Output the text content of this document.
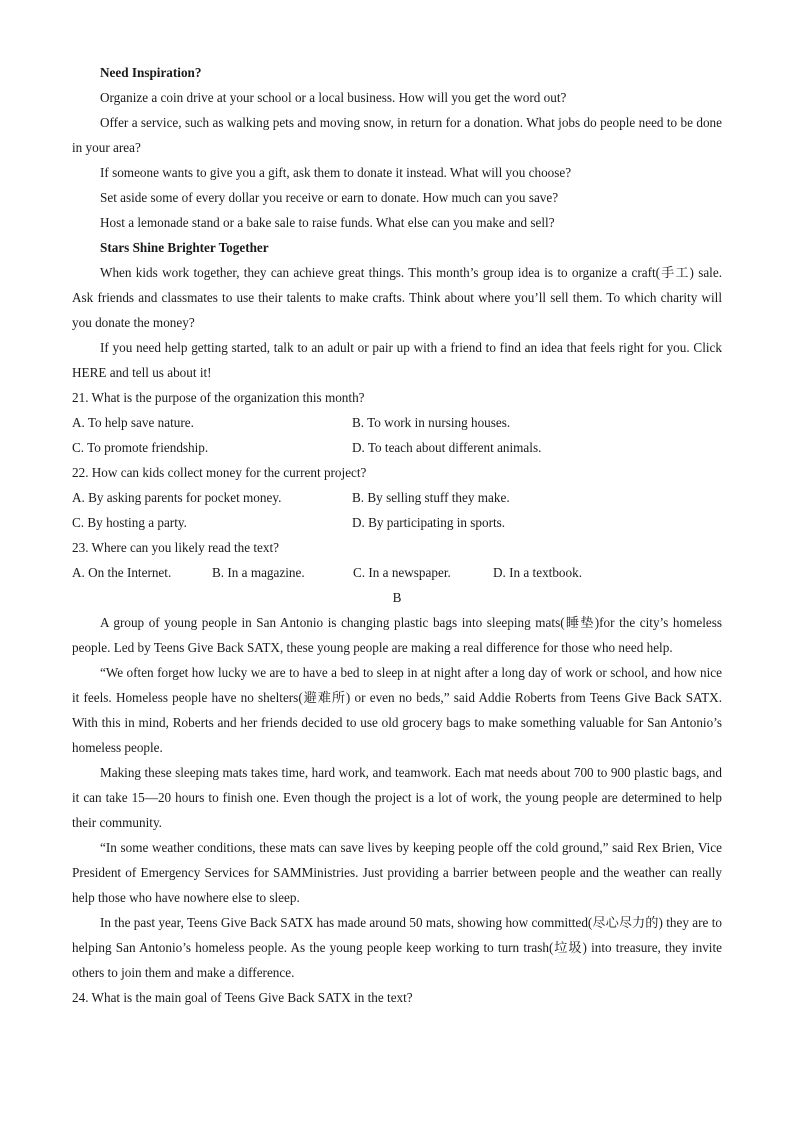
Need Inspiration?

Organize a coin drive at your school or a local business. How will you get the word out?

Offer a service, such as walking pets and moving snow, in return for a donation. What jobs do people need to be done in your area?

If someone wants to give you a gift, ask them to donate it instead. What will you choose?

Set aside some of every dollar you receive or earn to donate. How much can you save?

Host a lemonade stand or a bake sale to raise funds. What else can you make and sell?

Stars Shine Brighter Together

When kids work together, they can achieve great things. This month’s group idea is to organize a craft(手工) sale. Ask friends and classmates to use their talents to make crafts. Think about where you’ll sell them. To which charity will you donate the money?

If you need help getting started, talk to an adult or pair up with a friend to find an idea that feels right for you. Click HERE and tell us about it!

21. What is the purpose of the organization this month?

A. To help save nature.	B. To work in nursing houses.
C. To promote friendship.	D. To teach about different animals.

22. How can kids collect money for the current project?

A. By asking parents for pocket money.	B. By selling stuff they make.
C. By hosting a party.	D. By participating in sports.

23. Where can you likely read the text?

A. On the Internet.	B. In a magazine.	C. In a newspaper.	D. In a textbook.

B

A group of young people in San Antonio is changing plastic bags into sleeping mats(睡垫)for the city’s homeless people. Led by Teens Give Back SATX, these young people are making a real difference for those who need help.

“We often forget how lucky we are to have a bed to sleep in at night after a long day of work or school, and how nice it feels. Homeless people have no shelters(避难所) or even no beds,” said Addie Roberts from Teens Give Back SATX. With this in mind, Roberts and her friends decided to use old grocery bags to make something valuable for San Antonio’s homeless people.

Making these sleeping mats takes time, hard work, and teamwork. Each mat needs about 700 to 900 plastic bags, and it can take 15—20 hours to finish one. Even though the project is a lot of work, the young people are determined to help their community.

“In some weather conditions, these mats can save lives by keeping people off the cold ground,” said Rex Brien, Vice President of Emergency Services for SAMMinistries. Just providing a barrier between people and the weather can really help those who have nowhere else to sleep.

In the past year, Teens Give Back SATX has made around 50 mats, showing how committed(尽心尽力的) they are to helping San Antonio’s homeless people. As the young people keep working to turn trash(垃圾) into treasure, they invite others to join them and make a difference.

24. What is the main goal of Teens Give Back SATX in the text?
